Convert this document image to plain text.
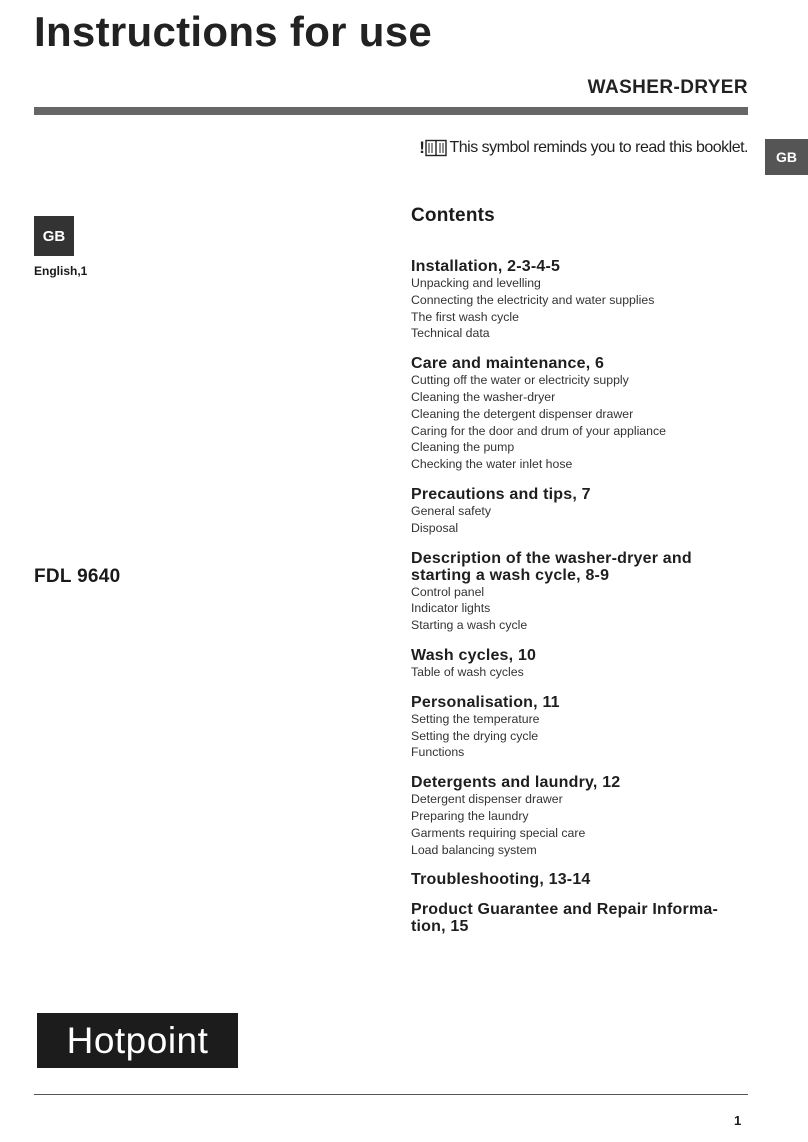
Instructions for use
WASHER-DRYER
! This symbol reminds you to read this booklet.
GB
GB
English,1
FDL 9640
Contents
Installation, 2-3-4-5
Unpacking and levelling
Connecting the electricity and water supplies
The first wash cycle
Technical data
Care and maintenance, 6
Cutting off the water or electricity supply
Cleaning the washer-dryer
Cleaning the detergent dispenser drawer
Caring for the door and drum of your appliance
Cleaning the pump
Checking the water inlet hose
Precautions and tips, 7
General safety
Disposal
Description of the washer-dryer and starting a wash cycle, 8-9
Control panel
Indicator lights
Starting a wash cycle
Wash cycles, 10
Table of wash cycles
Personalisation, 11
Setting the temperature
Setting the drying cycle
Functions
Detergents and laundry, 12
Detergent dispenser drawer
Preparing the laundry
Garments requiring special care
Load balancing system
Troubleshooting, 13-14
Product Guarantee and Repair Informa-tion, 15
Hotpoint
1
